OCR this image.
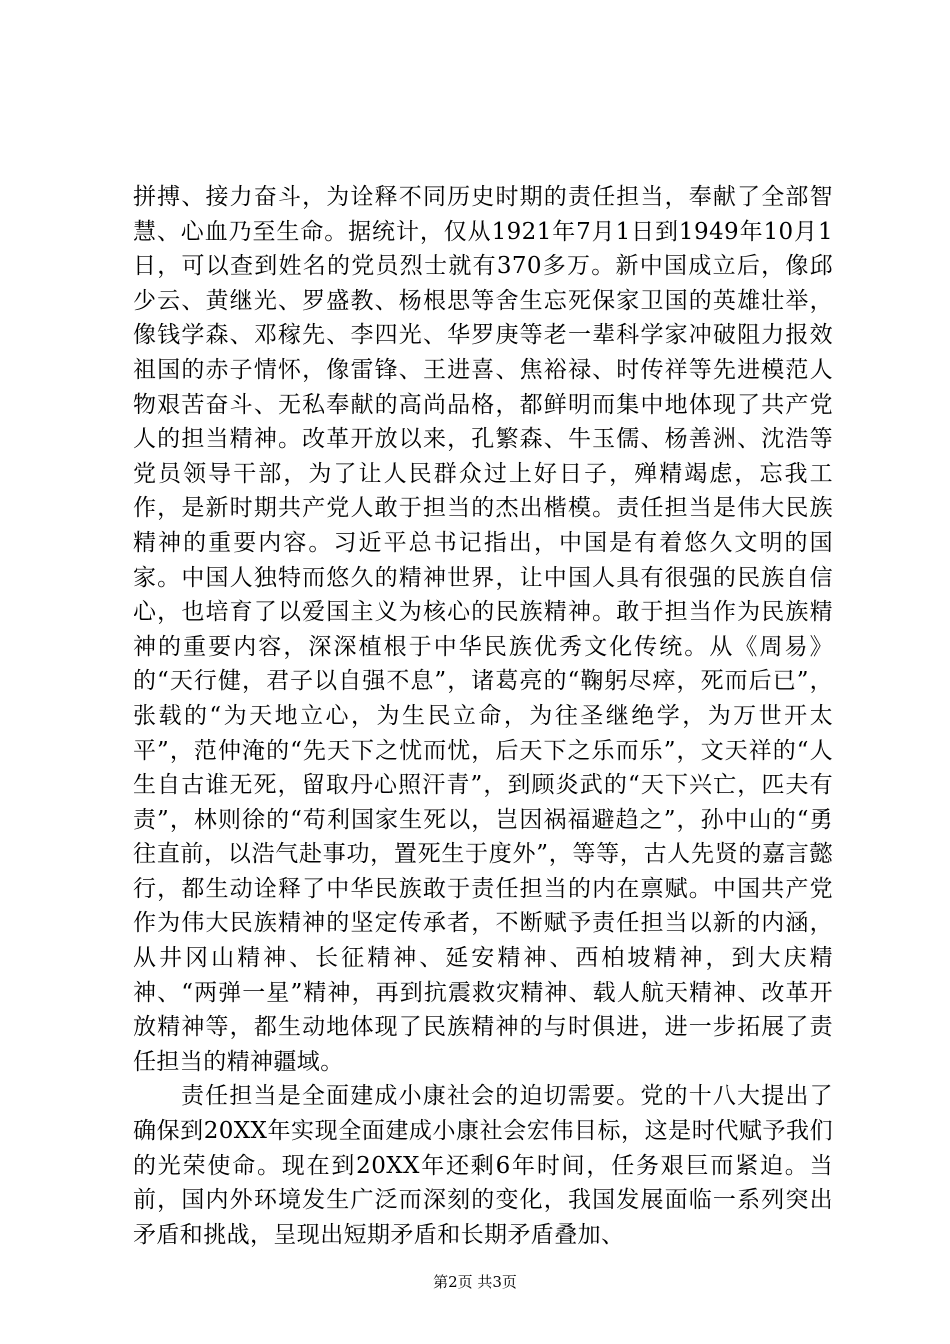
拼搏、接力奋斗，为诠释不同历史时期的责任担当，奉献了全部智慧、心血乃至生命。据统计，仅从1921年7月1日到1949年10月1日，可以查到姓名的党员烈士就有370多万。新中国成立后，像邱少云、黄继光、罗盛教、杨根思等舍生忘死保家卫国的英雄壮举，像钱学森、邓稼先、李四光、华罗庚等老一辈科学家冲破阻力报效祖国的赤子情怀，像雷锋、王进喜、焦裕禄、时传祥等先进模范人物艰苦奋斗、无私奉献的高尚品格，都鲜明而集中地体现了共产党人的担当精神。改革开放以来，孔繁森、牛玉儒、杨善洲、沈浩等党员领导干部，为了让人民群众过上好日子，殚精竭虑，忘我工作，是新时期共产党人敢于担当的杰出楷模。责任担当是伟大民族精神的重要内容。习近平总书记指出，中国是有着悠久文明的国家。中国人独特而悠久的精神世界，让中国人具有很强的民族自信心，也培育了以爱国主义为核心的民族精神。敢于担当作为民族精神的重要内容，深深植根于中华民族优秀文化传统。从《周易》的“天行健，君子以自强不息”，诸葛亮的“鞠躬尽瘁，死而后已”，张载的“为天地立心，为生民立命，为往圣继绝学，为万世开太平”，范仲淹的“先天下之忧而忧，后天下之乐而乐”，文天祥的“人生自古谁无死，留取丹心照汗青”，到顾炎武的“天下兴亡，匹夫有责”，林则徐的“苟利国家生死以，岂因祸福避趋之”，孙中山的“勇往直前，以浩气赴事功，置死生于度外”，等等，古人先贤的嘉言懿行，都生动诠释了中华民族敢于责任担当的内在禀赋。中国共产党作为伟大民族精神的坚定传承者，不断赋予责任担当以新的内涵，从井冈山精神、长征精神、延安精神、西柏坡精神，到大庆精神、“两弹一星”精神，再到抗震救灾精神、载人航天精神、改革开放精神等，都生动地体现了民族精神的与时俱进，进一步拓展了责任担当的精神疆域。

责任担当是全面建成小康社会的迫切需要。党的十八大提出了确保到20XX年实现全面建成小康社会宏伟目标，这是时代赋予我们的光荣使命。现在到20XX年还剩6年时间，任务艰巨而紧迫。当前，国内外环境发生广泛而深刻的变化，我国发展面临一系列突出矛盾和挑战，呈现出短期矛盾和长期矛盾叠加、

第2页 共3页
